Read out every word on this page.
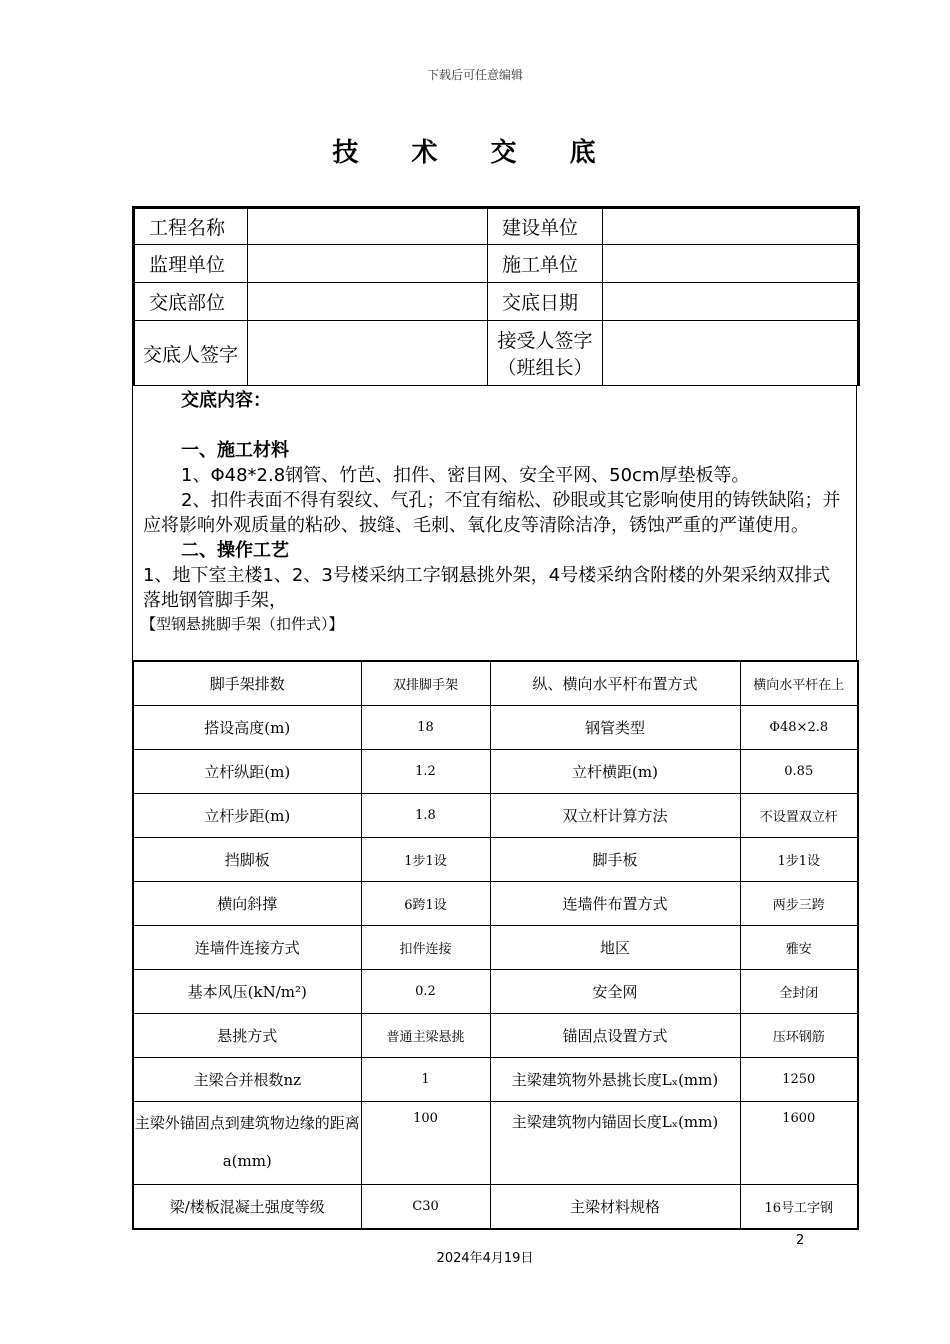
下载后可任意编辑
技 术 交 底
工程名称		建设单位	
监理单位		施工单位	
交底部位		交底日期	
交底人签字		接受人签字
（班组长）	

交底内容：
一、施工材料
1、Φ48*2.8钢管、竹芭、扣件、密目网、安全平网、50cm厚垫板等。
2、扣件表面不得有裂纹、气孔；不宜有缩松、砂眼或其它影响使用的铸铁缺陷；并应将影响外观质量的粘砂、披缝、毛刺、氧化皮等清除洁净，锈蚀严重的严谨使用。
二、操作工艺
1、地下室主楼1、2、3号楼采纳工字钢悬挑外架，4号楼采纳含附楼的外架采纳双排式落地钢管脚手架，
【型钢悬挑脚手架（扣件式）】
脚手架排数	双排脚手架	纵、横向水平杆布置方式	横向水平杆在上
搭设高度(m)	18	钢管类型	Φ48×2.8
立杆纵距(m)	1.2	立杆横距(m)	0.85
立杆步距(m)	1.8	双立杆计算方法	不设置双立杆
挡脚板	1步1设	脚手板	1步1设
横向斜撑	6跨1设	连墙件布置方式	两步三跨
连墙件连接方式	扣件连接	地区	雅安
基本风压(kN/m²)	0.2	安全网	全封闭
悬挑方式	普通主梁悬挑	锚固点设置方式	压环钢筋
主梁合并根数nz	1	主梁建筑物外悬挑长度Lₓ(mm)	1250
主梁外锚固点到建筑物边缘的距离a(mm)	100	主梁建筑物内锚固长度Lₓ(mm)	1600
梁/楼板混凝土强度等级	C30	主梁材料规格	16号工字钢
2
2024年4月19日
